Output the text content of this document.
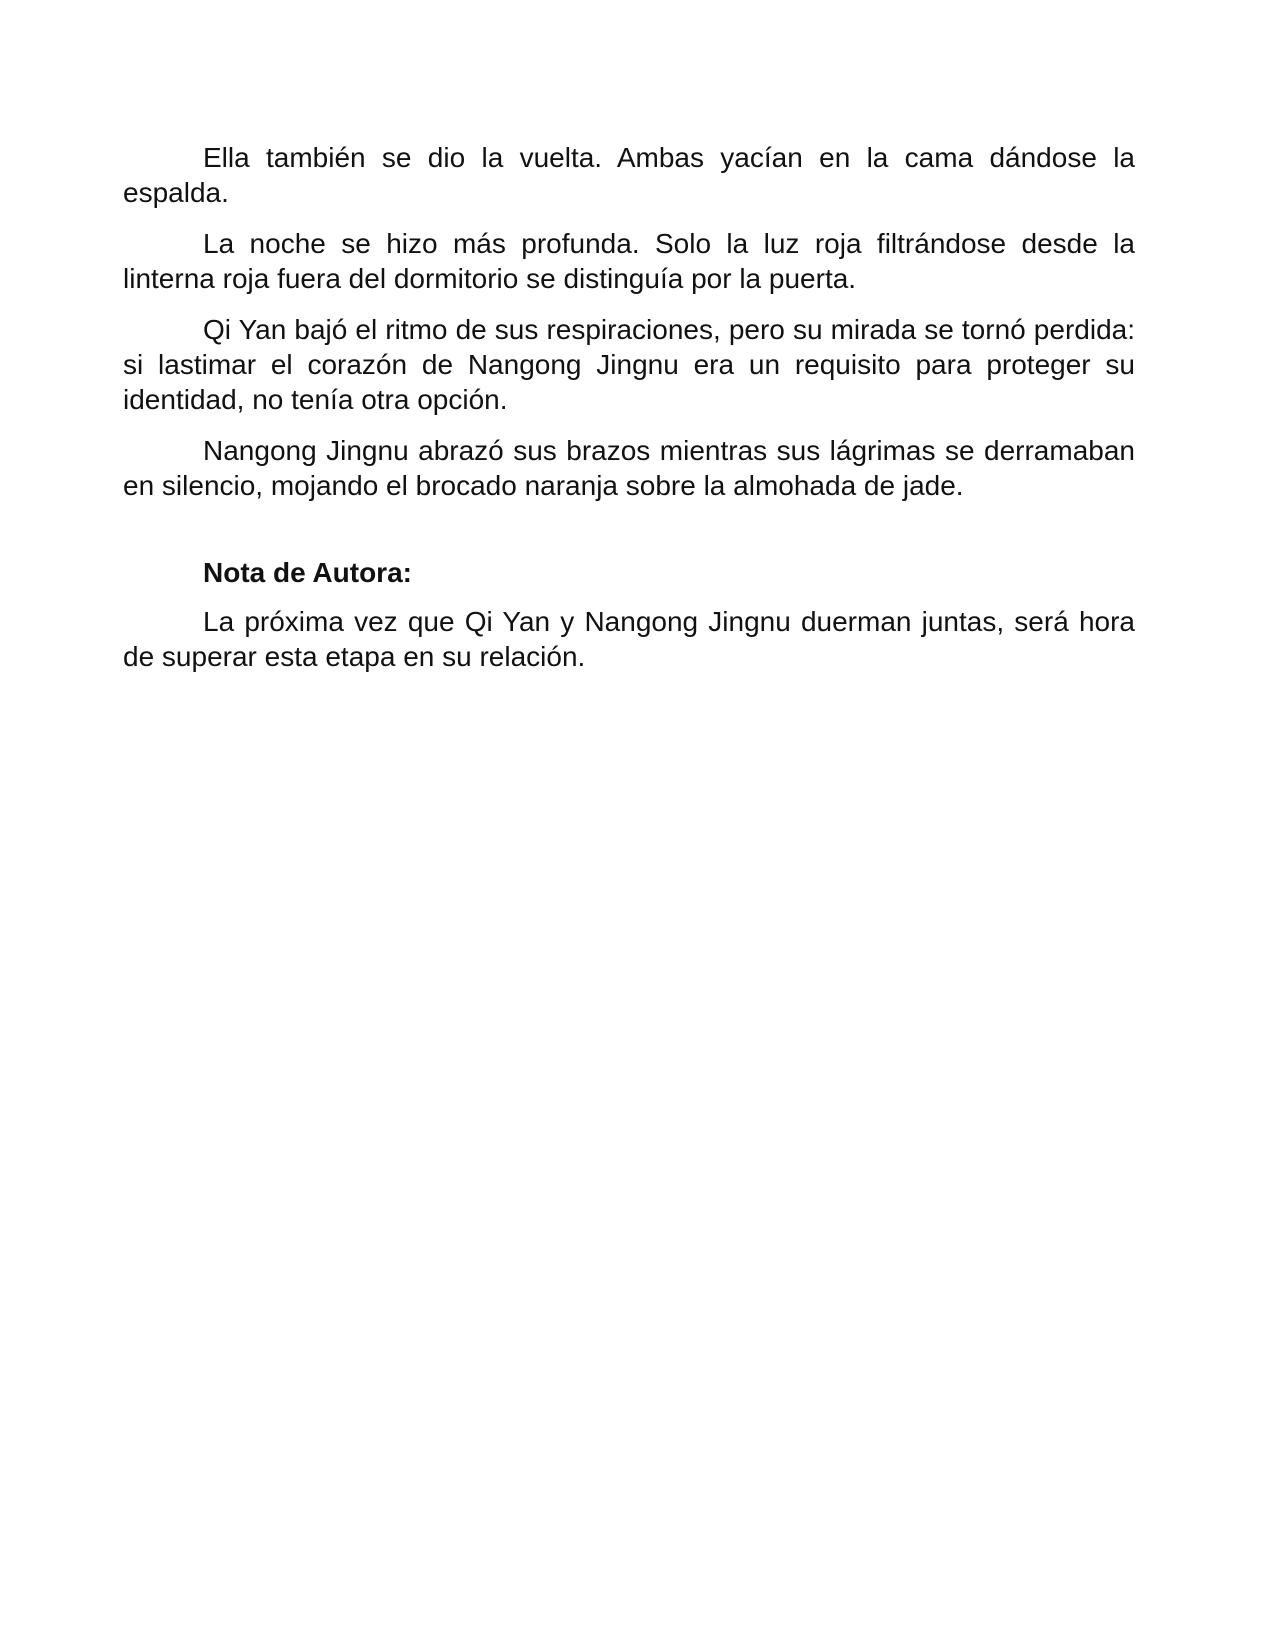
Ella también se dio la vuelta. Ambas yacían en la cama dándose la espalda.

La noche se hizo más profunda. Solo la luz roja filtrándose desde la linterna roja fuera del dormitorio se distinguía por la puerta.

Qi Yan bajó el ritmo de sus respiraciones, pero su mirada se tornó perdida: si lastimar el corazón de Nangong Jingnu era un requisito para proteger su identidad, no tenía otra opción.

Nangong Jingnu abrazó sus brazos mientras sus lágrimas se derramaban en silencio, mojando el brocado naranja sobre la almohada de jade.

Nota de Autora:

La próxima vez que Qi Yan y Nangong Jingnu duerman juntas, será hora de superar esta etapa en su relación.
